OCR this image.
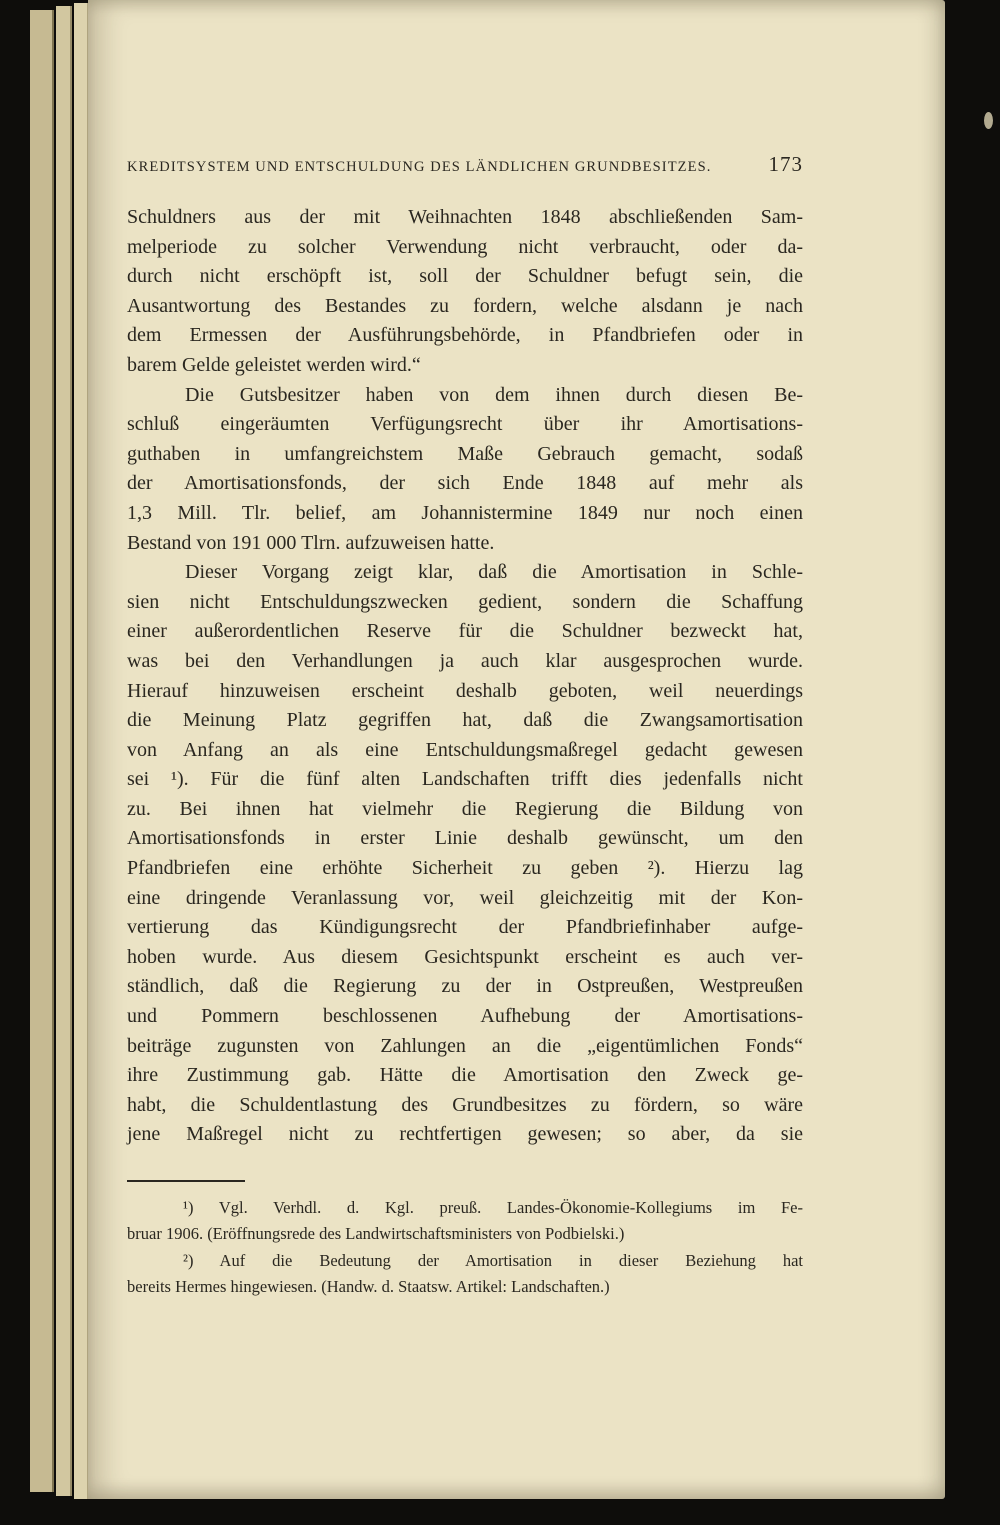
KREDITSYSTEM UND ENTSCHULDUNG DES LÄNDLICHEN GRUNDBESITZES.	173
Schuldners aus der mit Weihnachten 1848 abschließenden Sam-
melperiode zu solcher Verwendung nicht verbraucht, oder da-
durch nicht erschöpft ist, soll der Schuldner befugt sein, die
Ausantwortung des Bestandes zu fordern, welche alsdann je nach
dem Ermessen der Ausführungsbehörde, in Pfandbriefen oder in
barem Gelde geleistet werden wird.“
Die Gutsbesitzer haben von dem ihnen durch diesen Be-
schluß eingeräumten Verfügungsrecht über ihr Amortisations-
guthaben in umfangreichstem Maße Gebrauch gemacht, sodaß
der Amortisationsfonds, der sich Ende 1848 auf mehr als
1,3 Mill. Tlr. belief, am Johannistermine 1849 nur noch einen
Bestand von 191 000 Tlrn. aufzuweisen hatte.
Dieser Vorgang zeigt klar, daß die Amortisation in Schle-
sien nicht Entschuldungszwecken gedient, sondern die Schaffung
einer außerordentlichen Reserve für die Schuldner bezweckt hat,
was bei den Verhandlungen ja auch klar ausgesprochen wurde.
Hierauf hinzuweisen erscheint deshalb geboten, weil neuerdings
die Meinung Platz gegriffen hat, daß die Zwangsamortisation
von Anfang an als eine Entschuldungsmaßregel gedacht gewesen
sei ¹). Für die fünf alten Landschaften trifft dies jedenfalls nicht
zu. Bei ihnen hat vielmehr die Regierung die Bildung von
Amortisationsfonds in erster Linie deshalb gewünscht, um den
Pfandbriefen eine erhöhte Sicherheit zu geben ²). Hierzu lag
eine dringende Veranlassung vor, weil gleichzeitig mit der Kon-
vertierung das Kündigungsrecht der Pfandbriefinhaber aufge-
hoben wurde. Aus diesem Gesichtspunkt erscheint es auch ver-
ständlich, daß die Regierung zu der in Ostpreußen, Westpreußen
und Pommern beschlossenen Aufhebung der Amortisations-
beiträge zugunsten von Zahlungen an die „eigentümlichen Fonds“
ihre Zustimmung gab. Hätte die Amortisation den Zweck ge-
habt, die Schuldentlastung des Grundbesitzes zu fördern, so wäre
jene Maßregel nicht zu rechtfertigen gewesen; so aber, da sie
¹) Vgl. Verhdl. d. Kgl. preuß. Landes-Ökonomie-Kollegiums im Fe-
bruar 1906. (Eröffnungsrede des Landwirtschaftsministers von Podbielski.)
²) Auf die Bedeutung der Amortisation in dieser Beziehung hat
bereits Hermes hingewiesen. (Handw. d. Staatsw. Artikel: Landschaften.)
